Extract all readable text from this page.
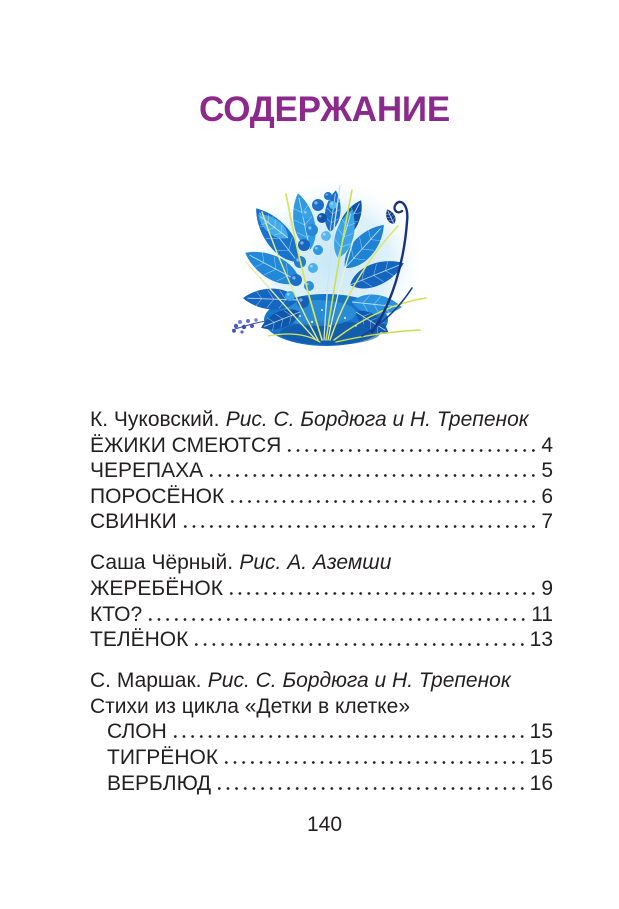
СОДЕРЖАНИЕ
К. Чуковский. Рис. С. Бордюга и Н. Трепенок
ЁЖИКИ СМЕЮТСЯ	4
ЧЕРЕПАХА	5
ПОРОСЁНОК	6
СВИНКИ	7
Саша Чёрный. Рис. А. Аземши
ЖЕРЕБЁНОК	9
КТО?	11
ТЕЛЁНОК	13
С. Маршак. Рис. С. Бордюга и Н. Трепенок
Стихи из цикла «Детки в клетке»
СЛОН	15
ТИГРЁНОК	15
ВЕРБЛЮД	16
140
